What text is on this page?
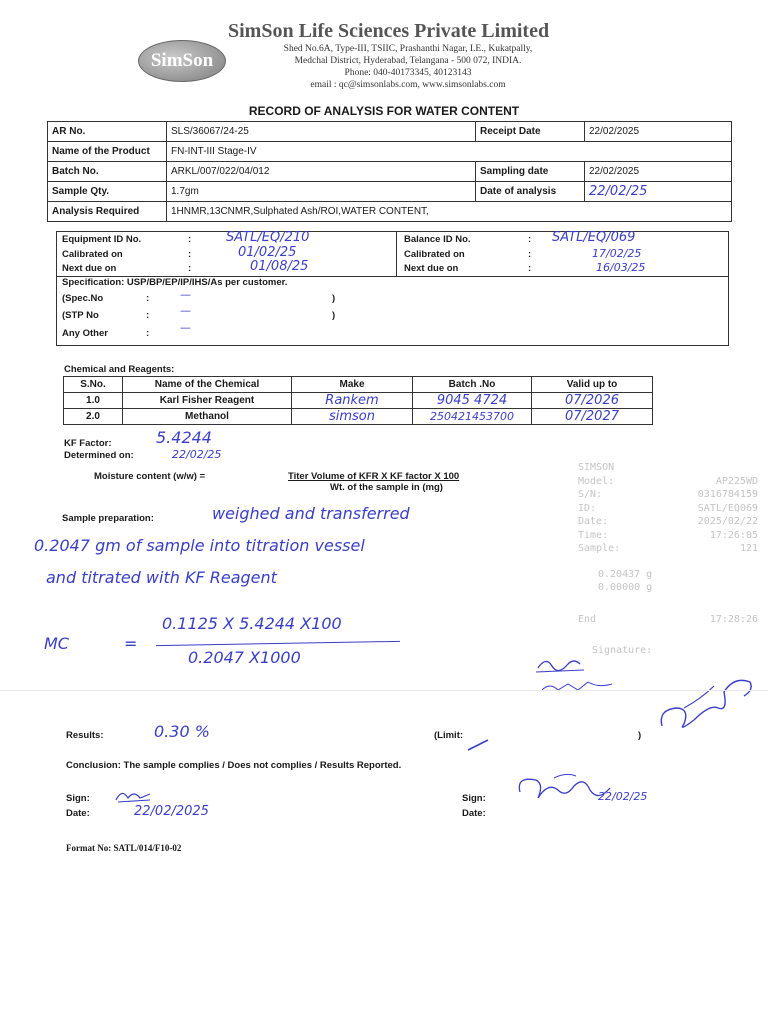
SimSon
SimSon Life Sciences Private Limited
Shed No.6A, Type-III, TSIIC, Prashanthi Nagar, I.E., Kukatpally,
Medchal District, Hyderabad, Telangana - 500 072, INDIA.
Phone: 040-40173345, 40123143
email : qc@simsonlabs.com, www.simsonlabs.com
RECORD OF ANALYSIS FOR WATER CONTENT
AR No.	SLS/36067/24-25	Receipt Date	22/02/2025
Name of the Product	FN-INT-III Stage-IV		
Batch No.	ARKL/007/022/04/012	Sampling date	22/02/2025
Sample Qty.	1.7gm	Date of analysis	22/02/25
Analysis Required	1HNMR,13CNMR,Sulphated Ash/ROI,WATER CONTENT,		
Equipment ID No.	:	SATL/EQ/210
Calibrated on	:	01/02/25
Next due on	:	01/08/25
Balance ID No.	: SATL/EQ/069
Calibrated on	:	17/02/25
Next due on	:	16/03/25
Specification: USP/BP/EP/IP/IHS/As per customer.
(Spec.No	:	—	)
(STP No	:	—	)
Any Other	:	—
Chemical and Reagents:
S.No.	Name of the Chemical	Make	Batch .No	Valid up to
1.0	Karl Fisher Reagent	Rankem	9045 4724	07/2026
2.0	Methanol	simson	250421453700	07/2027
KF Factor:	5.4244
Determined on:	22/02/25
Moisture content (w/w) =	Titer Volume of KFR X KF factor X 100
Wt. of the sample in (mg)
SIMSON
Model:	AP225WD
S/N:	0316784159
ID:	SATL/EQ069
Date:	2025/02/22
Time:	17:26:05
Sample:	121
0.20437 g
0.00000 g
End	17:28:26
Signature:
Sample preparation:	weighed and transferred
0.2047 gm of sample into titration vessel
and titrated with KF Reagent
MC	=
0.1125 X 5.4244 X100
0.2047 X1000
Results:	0.30 %	(Limit:	)
Conclusion: The sample complies / Does not complies / Results Reported.
Sign:
Date:	22/02/2025
Sign:
Date:
22/02/25
Format No: SATL/014/F10-02
